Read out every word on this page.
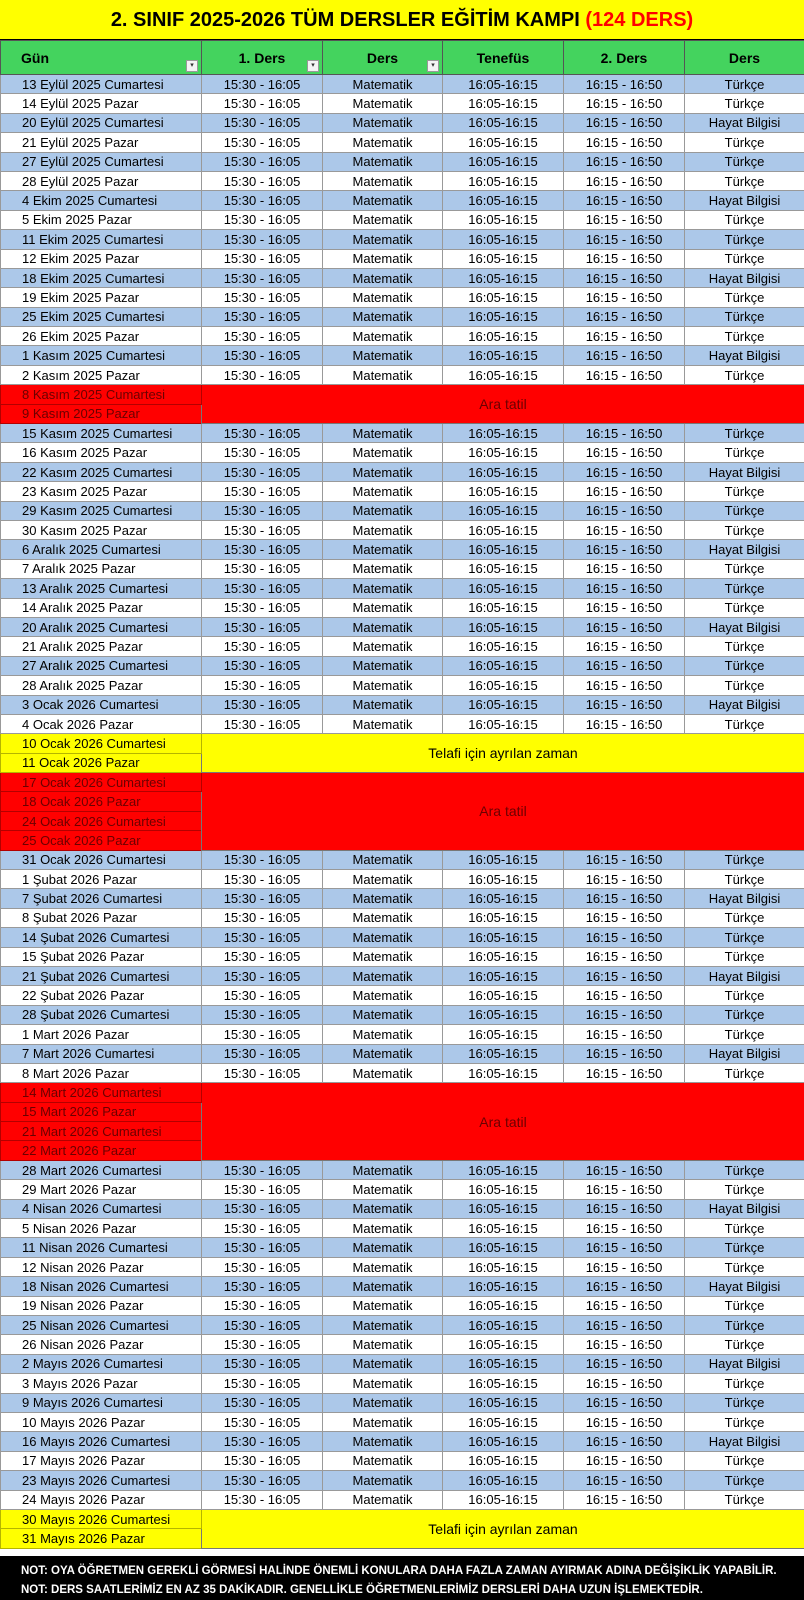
2. SINIF 2025-2026 TÜM DERSLER EĞİTİM KAMPI (124 DERS)
Gün ▾	1. Ders ▾	Ders ▾	Tenefüs	2. Ders	Ders
13 Eylül 2025 Cumartesi	15:30 - 16:05	Matematik	16:05-16:15	16:15 - 16:50	Türkçe
14 Eylül 2025 Pazar	15:30 - 16:05	Matematik	16:05-16:15	16:15 - 16:50	Türkçe
20 Eylül 2025 Cumartesi	15:30 - 16:05	Matematik	16:05-16:15	16:15 - 16:50	Hayat Bilgisi
21 Eylül 2025 Pazar	15:30 - 16:05	Matematik	16:05-16:15	16:15 - 16:50	Türkçe
27 Eylül 2025 Cumartesi	15:30 - 16:05	Matematik	16:05-16:15	16:15 - 16:50	Türkçe
28 Eylül 2025 Pazar	15:30 - 16:05	Matematik	16:05-16:15	16:15 - 16:50	Türkçe
4 Ekim 2025 Cumartesi	15:30 - 16:05	Matematik	16:05-16:15	16:15 - 16:50	Hayat Bilgisi
5 Ekim 2025 Pazar	15:30 - 16:05	Matematik	16:05-16:15	16:15 - 16:50	Türkçe
11 Ekim 2025 Cumartesi	15:30 - 16:05	Matematik	16:05-16:15	16:15 - 16:50	Türkçe
12 Ekim 2025 Pazar	15:30 - 16:05	Matematik	16:05-16:15	16:15 - 16:50	Türkçe
18 Ekim 2025 Cumartesi	15:30 - 16:05	Matematik	16:05-16:15	16:15 - 16:50	Hayat Bilgisi
19 Ekim 2025 Pazar	15:30 - 16:05	Matematik	16:05-16:15	16:15 - 16:50	Türkçe
25 Ekim 2025 Cumartesi	15:30 - 16:05	Matematik	16:05-16:15	16:15 - 16:50	Türkçe
26 Ekim 2025 Pazar	15:30 - 16:05	Matematik	16:05-16:15	16:15 - 16:50	Türkçe
1 Kasım 2025 Cumartesi	15:30 - 16:05	Matematik	16:05-16:15	16:15 - 16:50	Hayat Bilgisi
2 Kasım 2025 Pazar	15:30 - 16:05	Matematik	16:05-16:15	16:15 - 16:50	Türkçe
8 Kasım 2025 Cumartesi	Ara tatil				
9 Kasım 2025 Pazar					
15 Kasım 2025 Cumartesi	15:30 - 16:05	Matematik	16:05-16:15	16:15 - 16:50	Türkçe
16 Kasım 2025 Pazar	15:30 - 16:05	Matematik	16:05-16:15	16:15 - 16:50	Türkçe
22 Kasım 2025 Cumartesi	15:30 - 16:05	Matematik	16:05-16:15	16:15 - 16:50	Hayat Bilgisi
23 Kasım 2025 Pazar	15:30 - 16:05	Matematik	16:05-16:15	16:15 - 16:50	Türkçe
29 Kasım 2025 Cumartesi	15:30 - 16:05	Matematik	16:05-16:15	16:15 - 16:50	Türkçe
30 Kasım 2025 Pazar	15:30 - 16:05	Matematik	16:05-16:15	16:15 - 16:50	Türkçe
6 Aralık 2025 Cumartesi	15:30 - 16:05	Matematik	16:05-16:15	16:15 - 16:50	Hayat Bilgisi
7 Aralık 2025 Pazar	15:30 - 16:05	Matematik	16:05-16:15	16:15 - 16:50	Türkçe
13 Aralık 2025 Cumartesi	15:30 - 16:05	Matematik	16:05-16:15	16:15 - 16:50	Türkçe
14 Aralık 2025 Pazar	15:30 - 16:05	Matematik	16:05-16:15	16:15 - 16:50	Türkçe
20 Aralık 2025 Cumartesi	15:30 - 16:05	Matematik	16:05-16:15	16:15 - 16:50	Hayat Bilgisi
21 Aralık 2025 Pazar	15:30 - 16:05	Matematik	16:05-16:15	16:15 - 16:50	Türkçe
27 Aralık 2025 Cumartesi	15:30 - 16:05	Matematik	16:05-16:15	16:15 - 16:50	Türkçe
28 Aralık 2025 Pazar	15:30 - 16:05	Matematik	16:05-16:15	16:15 - 16:50	Türkçe
3 Ocak 2026 Cumartesi	15:30 - 16:05	Matematik	16:05-16:15	16:15 - 16:50	Hayat Bilgisi
4 Ocak 2026 Pazar	15:30 - 16:05	Matematik	16:05-16:15	16:15 - 16:50	Türkçe
10 Ocak 2026 Cumartesi	Telafi için ayrılan zaman				
11 Ocak 2026 Pazar					
17 Ocak 2026 Cumartesi	Ara tatil				
18 Ocak 2026 Pazar					
24 Ocak 2026 Cumartesi					
25 Ocak 2026 Pazar					
31 Ocak 2026 Cumartesi	15:30 - 16:05	Matematik	16:05-16:15	16:15 - 16:50	Türkçe
1 Şubat 2026 Pazar	15:30 - 16:05	Matematik	16:05-16:15	16:15 - 16:50	Türkçe
7 Şubat 2026 Cumartesi	15:30 - 16:05	Matematik	16:05-16:15	16:15 - 16:50	Hayat Bilgisi
8 Şubat 2026 Pazar	15:30 - 16:05	Matematik	16:05-16:15	16:15 - 16:50	Türkçe
14 Şubat 2026 Cumartesi	15:30 - 16:05	Matematik	16:05-16:15	16:15 - 16:50	Türkçe
15 Şubat 2026 Pazar	15:30 - 16:05	Matematik	16:05-16:15	16:15 - 16:50	Türkçe
21 Şubat 2026 Cumartesi	15:30 - 16:05	Matematik	16:05-16:15	16:15 - 16:50	Hayat Bilgisi
22 Şubat 2026 Pazar	15:30 - 16:05	Matematik	16:05-16:15	16:15 - 16:50	Türkçe
28 Şubat 2026 Cumartesi	15:30 - 16:05	Matematik	16:05-16:15	16:15 - 16:50	Türkçe
1 Mart 2026 Pazar	15:30 - 16:05	Matematik	16:05-16:15	16:15 - 16:50	Türkçe
7 Mart 2026 Cumartesi	15:30 - 16:05	Matematik	16:05-16:15	16:15 - 16:50	Hayat Bilgisi
8 Mart 2026 Pazar	15:30 - 16:05	Matematik	16:05-16:15	16:15 - 16:50	Türkçe
14 Mart 2026 Cumartesi	Ara tatil				
15 Mart 2026 Pazar					
21 Mart 2026 Cumartesi					
22 Mart 2026 Pazar					
28 Mart 2026 Cumartesi	15:30 - 16:05	Matematik	16:05-16:15	16:15 - 16:50	Türkçe
29 Mart 2026 Pazar	15:30 - 16:05	Matematik	16:05-16:15	16:15 - 16:50	Türkçe
4 Nisan 2026 Cumartesi	15:30 - 16:05	Matematik	16:05-16:15	16:15 - 16:50	Hayat Bilgisi
5 Nisan 2026 Pazar	15:30 - 16:05	Matematik	16:05-16:15	16:15 - 16:50	Türkçe
11 Nisan 2026 Cumartesi	15:30 - 16:05	Matematik	16:05-16:15	16:15 - 16:50	Türkçe
12 Nisan 2026 Pazar	15:30 - 16:05	Matematik	16:05-16:15	16:15 - 16:50	Türkçe
18 Nisan 2026 Cumartesi	15:30 - 16:05	Matematik	16:05-16:15	16:15 - 16:50	Hayat Bilgisi
19 Nisan 2026 Pazar	15:30 - 16:05	Matematik	16:05-16:15	16:15 - 16:50	Türkçe
25 Nisan 2026 Cumartesi	15:30 - 16:05	Matematik	16:05-16:15	16:15 - 16:50	Türkçe
26 Nisan 2026 Pazar	15:30 - 16:05	Matematik	16:05-16:15	16:15 - 16:50	Türkçe
2 Mayıs 2026 Cumartesi	15:30 - 16:05	Matematik	16:05-16:15	16:15 - 16:50	Hayat Bilgisi
3 Mayıs 2026 Pazar	15:30 - 16:05	Matematik	16:05-16:15	16:15 - 16:50	Türkçe
9 Mayıs 2026 Cumartesi	15:30 - 16:05	Matematik	16:05-16:15	16:15 - 16:50	Türkçe
10 Mayıs 2026 Pazar	15:30 - 16:05	Matematik	16:05-16:15	16:15 - 16:50	Türkçe
16 Mayıs 2026 Cumartesi	15:30 - 16:05	Matematik	16:05-16:15	16:15 - 16:50	Hayat Bilgisi
17 Mayıs 2026 Pazar	15:30 - 16:05	Matematik	16:05-16:15	16:15 - 16:50	Türkçe
23 Mayıs 2026 Cumartesi	15:30 - 16:05	Matematik	16:05-16:15	16:15 - 16:50	Türkçe
24 Mayıs 2026 Pazar	15:30 - 16:05	Matematik	16:05-16:15	16:15 - 16:50	Türkçe
30 Mayıs 2026 Cumartesi	Telafi için ayrılan zaman				
31 Mayıs 2026 Pazar					
NOT: OYA ÖĞRETMEN GEREKLİ GÖRMESİ HALİNDE ÖNEMLİ KONULARA DAHA FAZLA ZAMAN AYIRMAK ADINA DEĞİŞİKLİK YAPABİLİR.
NOT: DERS SAATLERİMİZ EN AZ 35 DAKİKADIR. GENELLİKLE ÖĞRETMENLERİMİZ DERSLERİ DAHA UZUN İŞLEMEKTEDİR.
